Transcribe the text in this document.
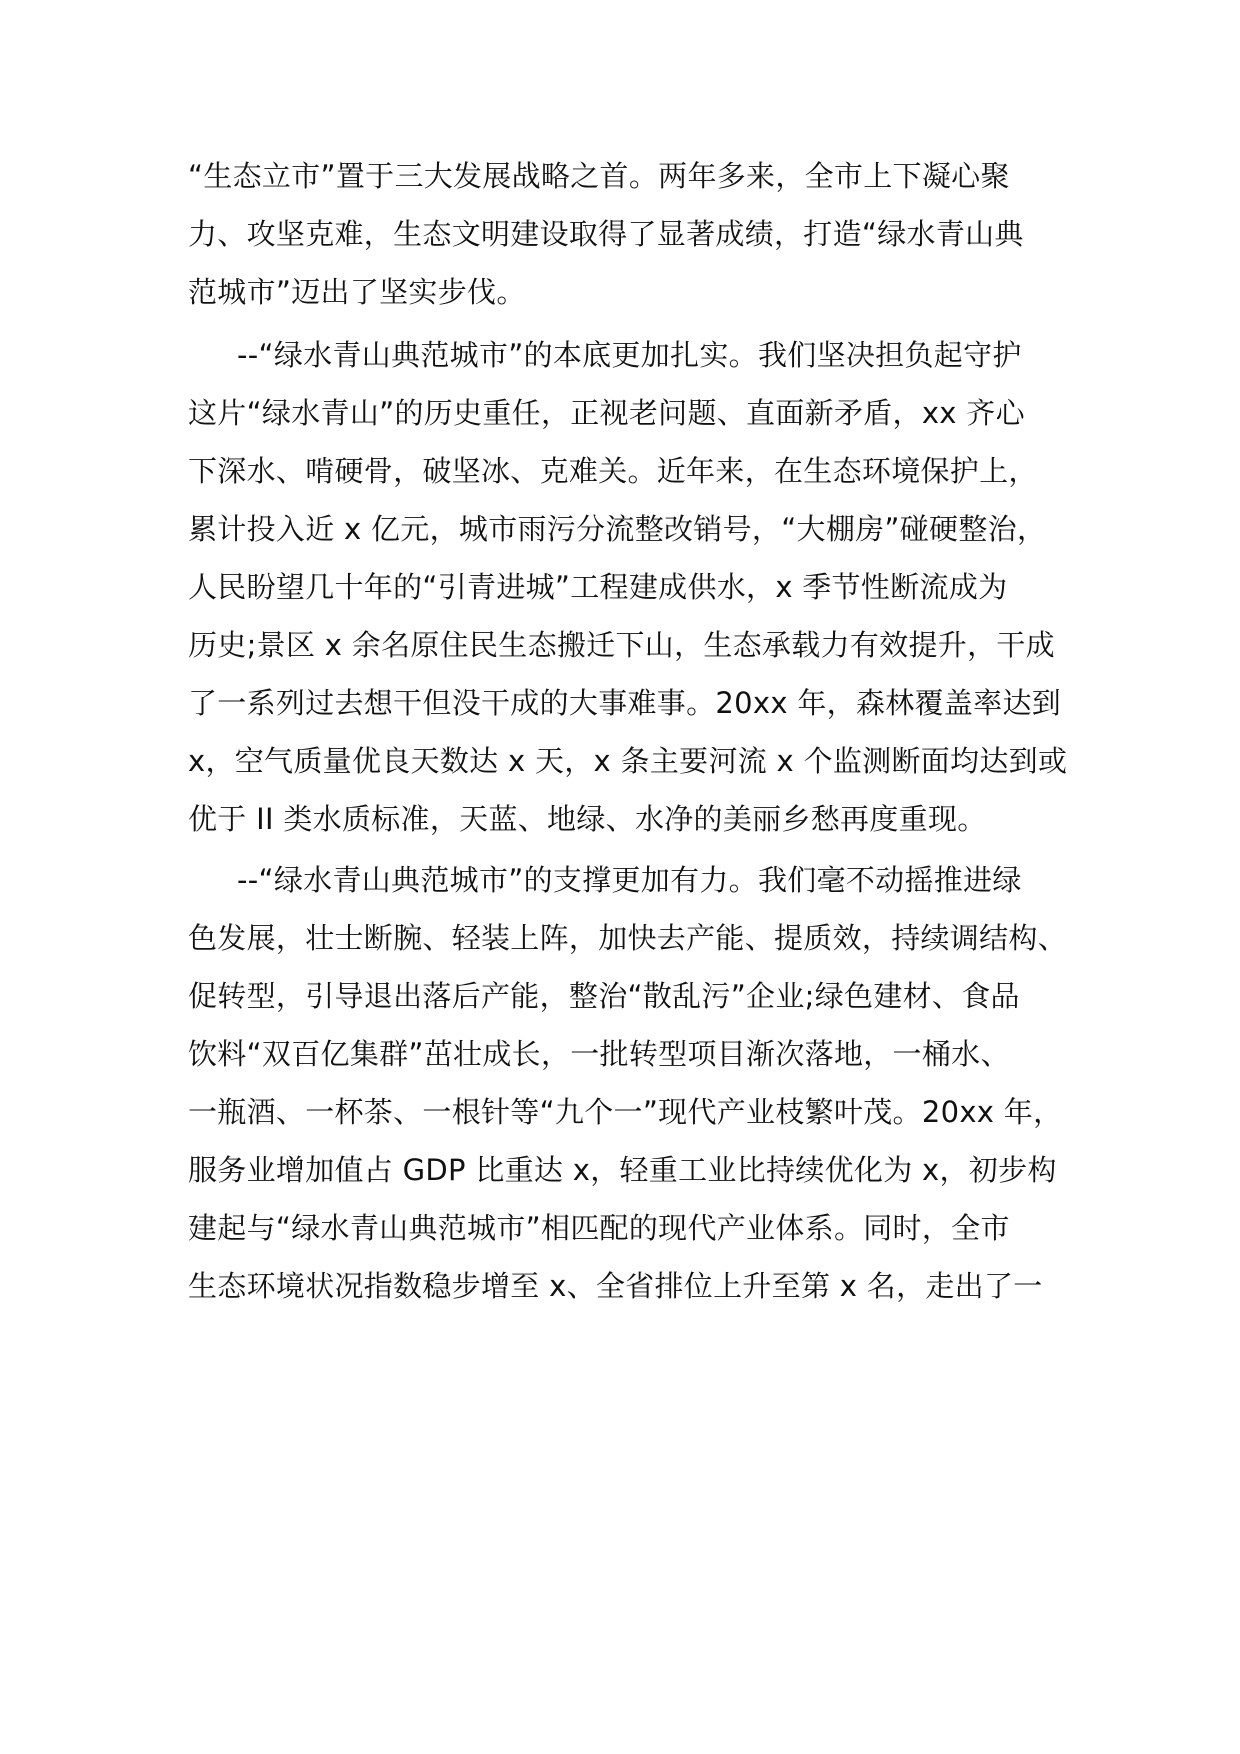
“生态立市”置于三大发展战略之首。两年多来，全市上下凝心聚

力、攻坚克难，生态文明建设取得了显著成绩，打造“绿水青山典

范城市”迈出了坚实步伐。

--“绿水青山典范城市”的本底更加扎实。我们坚决担负起守护

这片“绿水青山”的历史重任，正视老问题、直面新矛盾，xx 齐心

下深水、啃硬骨，破坚冰、克难关。近年来，在生态环境保护上，

累计投入近 x 亿元，城市雨污分流整改销号，“大棚房”碰硬整治，

人民盼望几十年的“引青进城”工程建成供水，x 季节性断流成为

历史;景区 x 余名原住民生态搬迁下山，生态承载力有效提升，干成

了一系列过去想干但没干成的大事难事。20xx 年，森林覆盖率达到

x，空气质量优良天数达 x 天，x 条主要河流 x 个监测断面均达到或

优于 II 类水质标准，天蓝、地绿、水净的美丽乡愁再度重现。

--“绿水青山典范城市”的支撑更加有力。我们毫不动摇推进绿

色发展，壮士断腕、轻装上阵，加快去产能、提质效，持续调结构、

促转型，引导退出落后产能，整治“散乱污”企业;绿色建材、食品

饮料“双百亿集群”茁壮成长，一批转型项目渐次落地，一桶水、

一瓶酒、一杯茶、一根针等“九个一”现代产业枝繁叶茂。20xx 年，

服务业增加值占 GDP 比重达 x，轻重工业比持续优化为 x，初步构

建起与“绿水青山典范城市”相匹配的现代产业体系。同时，全市

生态环境状况指数稳步增至 x、全省排位上升至第 x 名，走出了一
